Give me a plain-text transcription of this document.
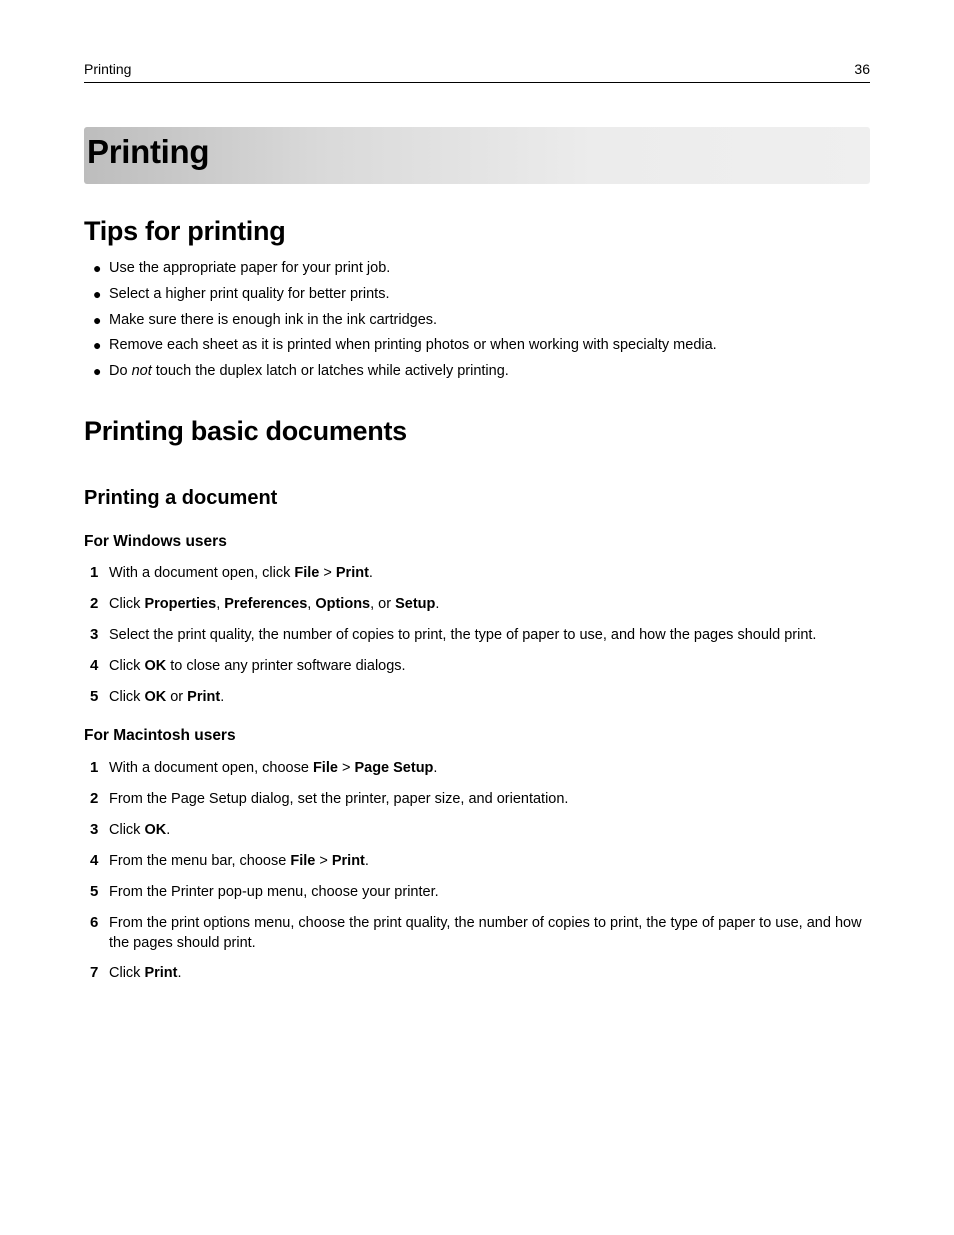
Printing	36
Printing
Tips for printing
● Use the appropriate paper for your print job.
● Select a higher print quality for better prints.
● Make sure there is enough ink in the ink cartridges.
● Remove each sheet as it is printed when printing photos or when working with specialty media.
● Do not touch the duplex latch or latches while actively printing.
Printing basic documents
Printing a document
For Windows users
1 With a document open, click File > Print.
2 Click Properties, Preferences, Options, or Setup.
3 Select the print quality, the number of copies to print, the type of paper to use, and how the pages should print.
4 Click OK to close any printer software dialogs.
5 Click OK or Print.
For Macintosh users
1 With a document open, choose File > Page Setup.
2 From the Page Setup dialog, set the printer, paper size, and orientation.
3 Click OK.
4 From the menu bar, choose File > Print.
5 From the Printer pop-up menu, choose your printer.
6 From the print options menu, choose the print quality, the number of copies to print, the type of paper to use, and how the pages should print.
7 Click Print.
